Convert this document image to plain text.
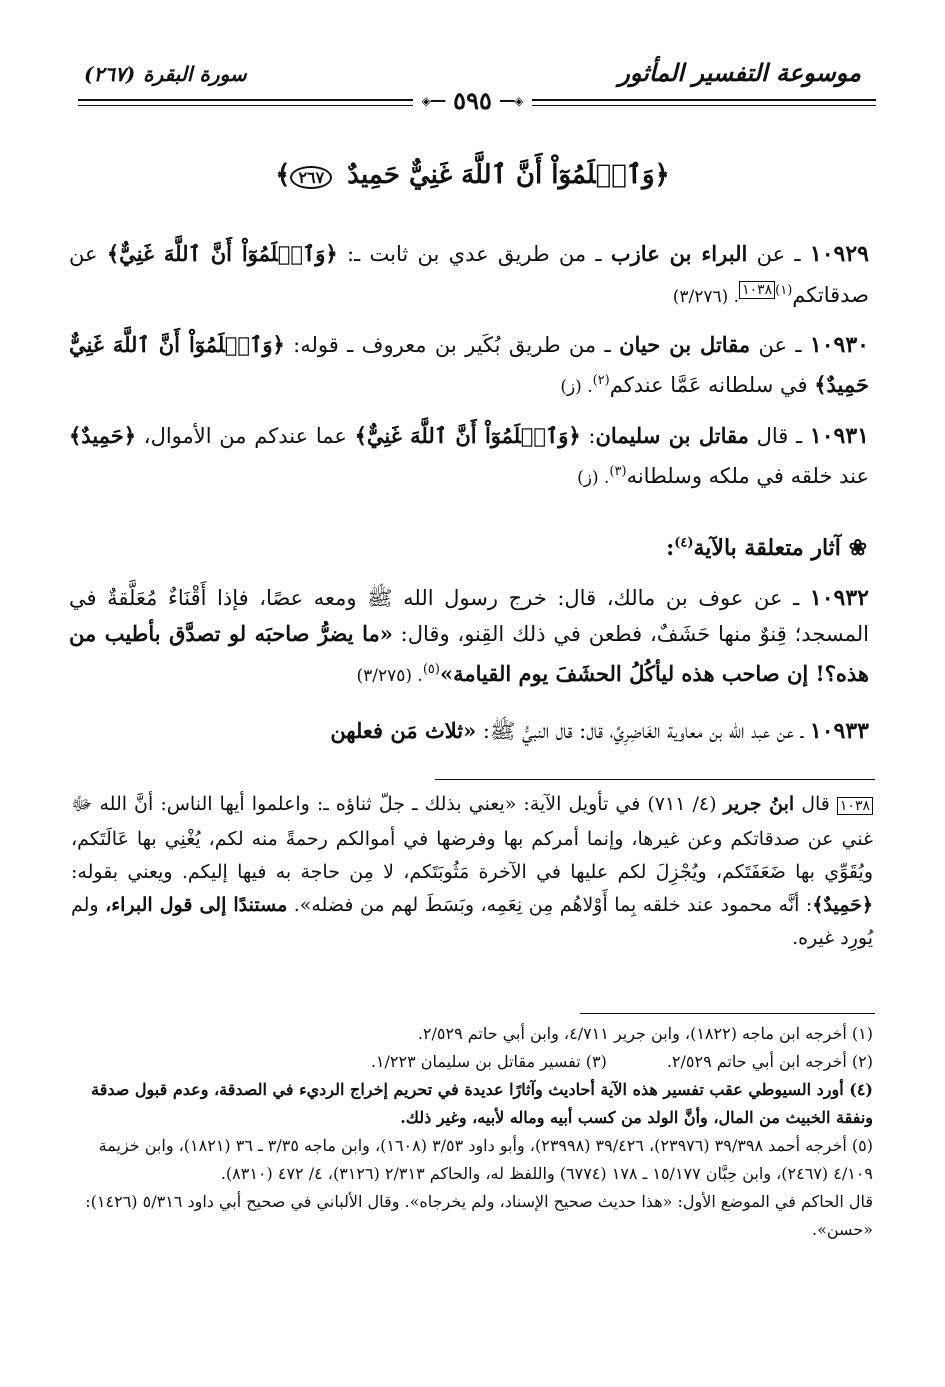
موسوعة التفسير المأثور
سورة البقرة
(٢٦٧)
◈━━
٥٩٥
━━◈
﴿وَٱعۡلَمُوٓاْ أَنَّ ٱللَّهَ غَنِيٌّ حَمِيدٌ ٢٦٧﴾
١٠٩٢٩ ـ عن البراء بن عازب ـ من طريق عدي بن ثابت ـ: ﴿وَٱعۡلَمُوٓاْ أَنَّ ٱللَّهَ غَنِيٌّ﴾ عن صدقاتكم$^{(١)١٠٣٨}$. (٣/٢٧٦)
١٠٩٣٠ ـ عن مقاتل بن حيان ـ من طريق بُكَير بن معروف ـ قوله: ﴿وَٱعۡلَمُوٓاْ أَنَّ ٱللَّهَ غَنِيٌّ حَمِيدٌ﴾ في سلطانه عَمَّا عندكم$^{(٢)}$. (ز)
١٠٩٣١ ـ قال مقاتل بن سليمان: ﴿وَٱعۡلَمُوٓاْ أَنَّ ٱللَّهَ غَنِيٌّ﴾ عما عندكم من الأموال، ﴿حَمِيدٌ﴾ عند خلقه في ملكه وسلطانه$^{(٣)}$. (ز)
❀ آثار متعلقة بالآية$^{(٤)}$:
١٠٩٣٢ ـ عن عوف بن مالك، قال: خرج رسول الله ﷺ ومعه عصًا، فإذا أَقْنَاءٌ مُعَلَّقةٌ في المسجد؛ قِنوٌ منها حَشَفٌ، فطعن في ذلك القِنو، وقال: «ما يضرُّ صاحبَه لو تصدَّق بأطيب من هذه؟! إن صاحب هذه ليأكُلُ الحشَفَ يوم القيامة»$^{(٥)}$. (٣/٢٧٥)
١٠٩٣٣ ـ عن عبد الله بن معاوية الغَاضِرِيِّ، قال: قال النبيُّ ﷺ: «ثلاث مَن فعلهن
١٠٣٨ قال ابنُ جرير (٤/ ٧١١) في تأويل الآية: «يعني بذلك ـ جلّ ثناؤه ـ: واعلموا أيها الناس: أنَّ الله ﷻ غني عن صدقاتكم وعن غيرها، وإنما أمركم بها وفرضها في أموالكم رحمةً منه لكم، يُغْنِي بها عَالَتَكم، ويُقَوِّي بها ضَعَفَتَكم، ويُجْزِلَ لكم عليها في الآخرة مَثُوبَتَكم، لا مِن حاجة به فيها إليكم. ويعني بقوله: ﴿حَمِيدٌ﴾: أنَّه محمود عند خلقه بِما أَوْلاهُم مِن نِعَمِه، وبَسَطَ لهم من فضله». مستندًا إلى قول البراء، ولم يُورِد غيره.

(١) أخرجه ابن ماجه (١٨٢٢)، وابن جرير ٤/٧١١، وابن أبي حاتم ٢/٥٢٩.

(٢) أخرجه ابن أبي حاتم ٢/٥٢٩.

(٣) تفسير مقاتل بن سليمان ١/٢٢٣.

(٤) أورد السيوطي عقب تفسير هذه الآية أحاديث وآثارًا عديدة في تحريم إخراج الرديء في الصدقة، وعدم قبول صدقة ونفقة الخبيث من المال، وأنَّ الولد من كسب أبيه وماله لأبيه، وغير ذلك.

(٥) أخرجه أحمد ٣٩/٣٩٨ (٢٣٩٧٦)، ٣٩/٤٢٦ (٢٣٩٩٨)، وأبو داود ٣/٥٣ (١٦٠٨)، وابن ماجه ٣/٣٥ ـ ٣٦ (١٨٢١)، وابن خزيمة ٤/١٠٩ (٢٤٦٧)، وابن حِبَّان ١٥/١٧٧ ـ ١٧٨ (٦٧٧٤) واللفظ له، والحاكم ٢/٣١٣ (٣١٢٦)، ٤/ ٤٧٢ (٨٣١٠).

قال الحاكم في الموضع الأول: «هذا حديث صحيح الإسناد، ولم يخرجاه». وقال الألباني في صحيح أبي داود ٥/٣١٦ (١٤٢٦): «حسن».
